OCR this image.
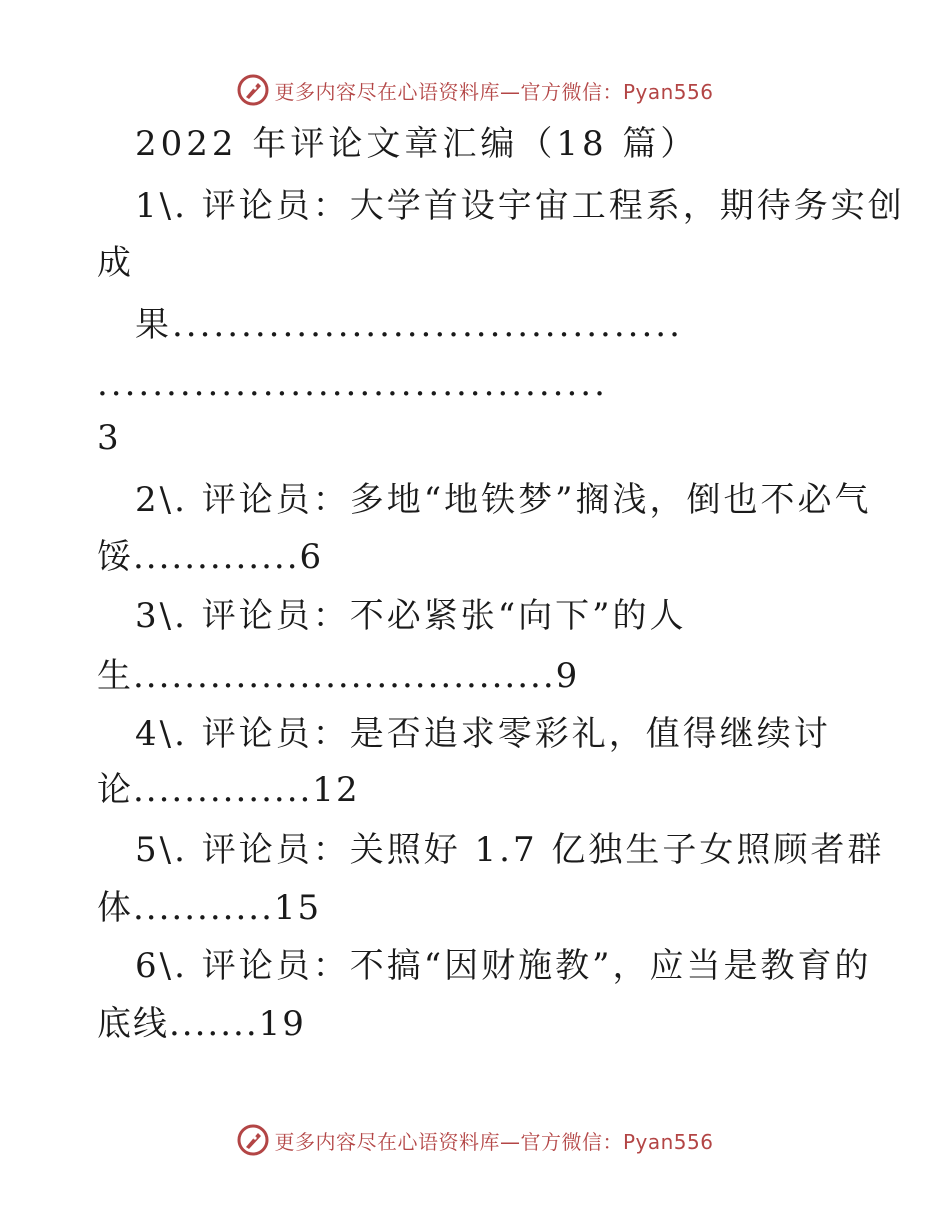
更多内容尽在心语资料库—官方微信：Pyan556
2022 年评论文章汇编（18 篇）
1\. 评论员：大学首设宇宙工程系，期待务实创
成
果.....................................
.....................................
3
2\. 评论员：多地“地铁梦”搁浅，倒也不必气
馁.............6
3\. 评论员：不必紧张“向下”的人
生.................................9
4\. 评论员：是否追求零彩礼，值得继续讨
论..............12
5\. 评论员：关照好 1.7 亿独生子女照顾者群
体...........15
6\. 评论员：不搞“因财施教”，应当是教育的
底线.......19
更多内容尽在心语资料库—官方微信：Pyan556
